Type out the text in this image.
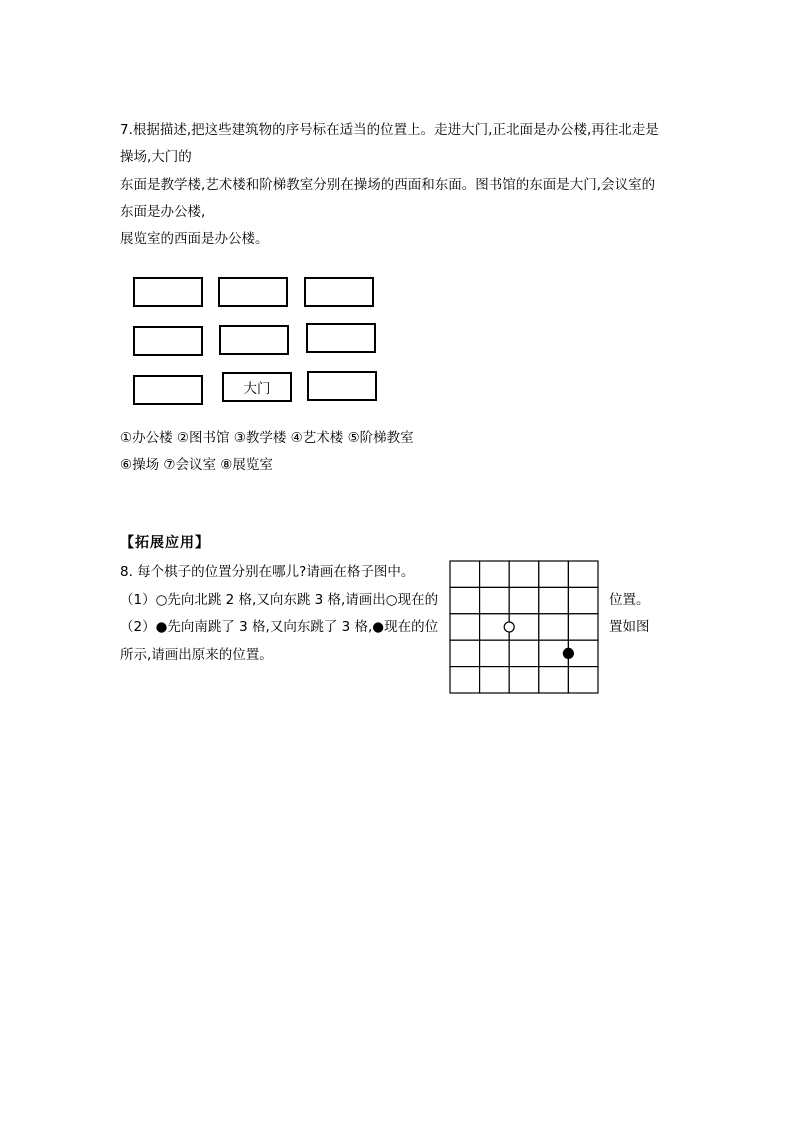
7.根据描述,把这些建筑物的序号标在适当的位置上。走进大门,正北面是办公楼,再往北走是
操场,大门的
东面是教学楼,艺术楼和阶梯教室分别在操场的西面和东面。图书馆的东面是大门,会议室的
东面是办公楼,
展览室的西面是办公楼。
大门
①办公楼 ②图书馆 ③教学楼 ④艺术楼 ⑤阶梯教室
⑥操场 ⑦会议室 ⑧展览室
【拓展应用】
8. 每个棋子的位置分别在哪儿?请画在格子图中。
（1）○先向北跳 2 格,又向东跳 3 格,请画出○现在的	位置。
（2）●先向南跳了 3 格,又向东跳了 3 格,●现在的位	置如图
所示,请画出原来的位置。
